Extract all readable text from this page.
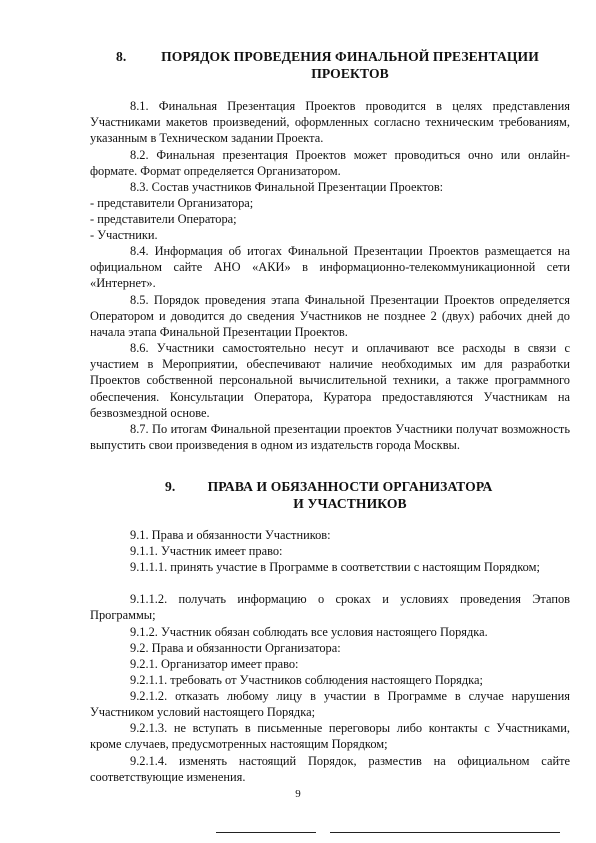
8.	ПОРЯДОК ПРОВЕДЕНИЯ ФИНАЛЬНОЙ ПРЕЗЕНТАЦИИ
ПРОЕКТОВ

8.1. Финальная Презентация Проектов проводится в целях представления Участниками макетов произведений, оформленных согласно техническим требованиям, указанным в Техническом задании Проекта.

8.2. Финальная презентация Проектов может проводиться очно или онлайн-формате. Формат определяется Организатором.

8.3. Состав участников Финальной Презентации Проектов:

- представители Организатора;

- представители Оператора;

- Участники.

8.4. Информация об итогах Финальной Презентации Проектов размещается на официальном сайте АНО «АКИ» в информационно-телекоммуникационной сети «Интернет».

8.5. Порядок проведения этапа Финальной Презентации Проектов определяется Оператором и доводится до сведения Участников не позднее 2 (двух) рабочих дней до начала этапа Финальной Презентации Проектов.

8.6. Участники самостоятельно несут и оплачивают все расходы в связи с участием в Мероприятии, обеспечивают наличие необходимых им для разработки Проектов собственной персональной вычислительной техники, а также программного обеспечения. Консультации Оператора, Куратора предоставляются Участникам на безвозмездной основе.

8.7. По итогам Финальной презентации проектов Участники получат возможность выпустить свои произведения в одном из издательств города Москвы.

9.	ПРАВА И ОБЯЗАННОСТИ ОРГАНИЗАТОРА
И УЧАСТНИКОВ

9.1. Права и обязанности Участников:

9.1.1. Участник имеет право:

9.1.1.1. принять участие в Программе в соответствии с настоящим Порядком;

9.1.1.2. получать информацию о сроках и условиях проведения Этапов Программы;

9.1.2. Участник обязан соблюдать все условия настоящего Порядка.

9.2. Права и обязанности Организатора:

9.2.1. Организатор имеет право:

9.2.1.1. требовать от Участников соблюдения настоящего Порядка;

9.2.1.2. отказать любому лицу в участии в Программе в случае нарушения Участником условий настоящего Порядка;

9.2.1.3. не вступать в письменные переговоры либо контакты с Участниками, кроме случаев, предусмотренных настоящим Порядком;

9.2.1.4. изменять настоящий Порядок, разместив на официальном сайте соответствующие изменения.

9
